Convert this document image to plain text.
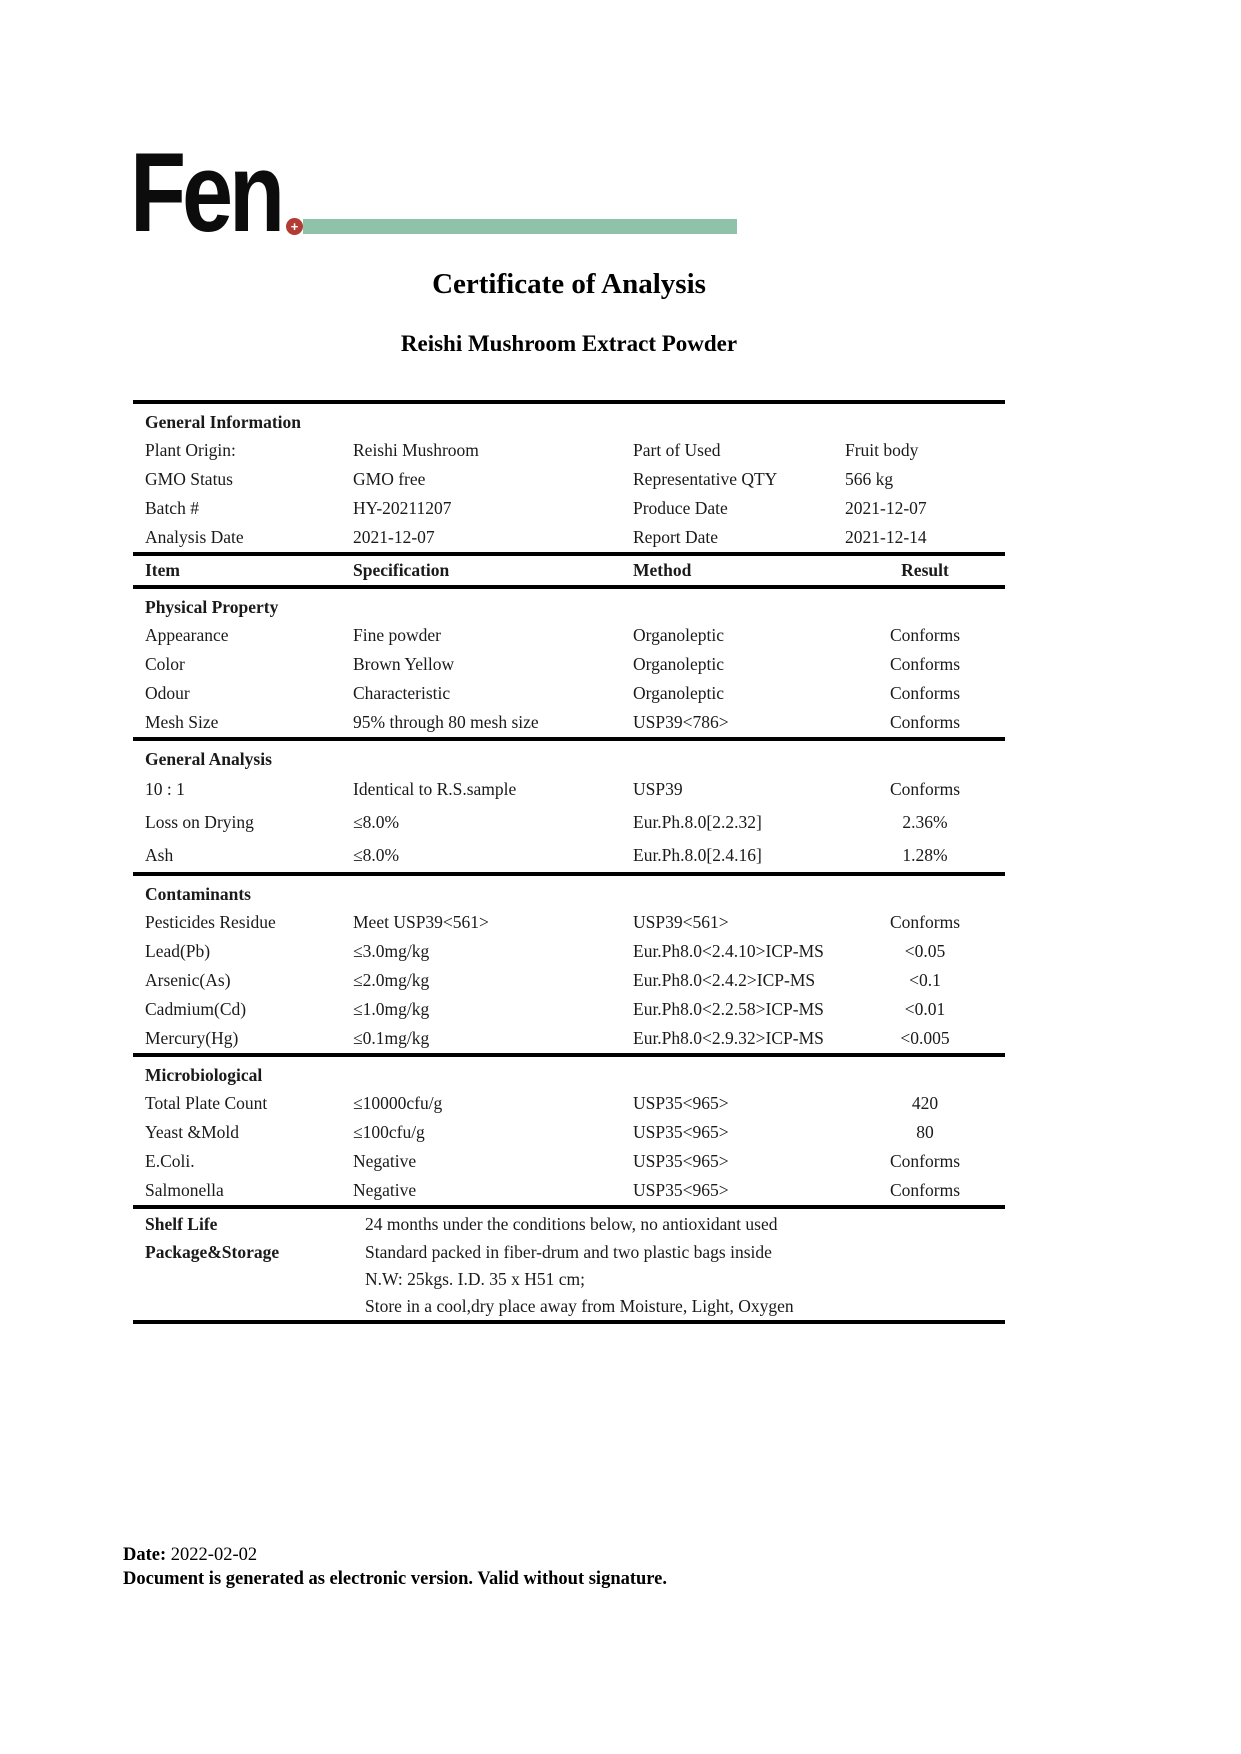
Fen +
Certificate of Analysis
Reishi Mushroom Extract Powder
General Information
Plant Origin:	Reishi Mushroom	Part of Used	Fruit body
GMO Status	GMO free	Representative QTY	566 kg
Batch #	HY-20211207	Produce Date	2021-12-07
Analysis Date	2021-12-07	Report Date	2021-12-14
Item	Specification	Method	Result
Physical Property
Appearance	Fine powder	Organoleptic	Conforms
Color	Brown Yellow	Organoleptic	Conforms
Odour	Characteristic	Organoleptic	Conforms
Mesh Size	95% through 80 mesh size	USP39<786>	Conforms
General Analysis
10 : 1	Identical to R.S.sample	USP39	Conforms
Loss on Drying	≤8.0%	Eur.Ph.8.0[2.2.32]	2.36%
Ash	≤8.0%	Eur.Ph.8.0[2.4.16]	1.28%
Contaminants
Pesticides Residue	Meet USP39<561>	USP39<561>	Conforms
Lead(Pb)	≤3.0mg/kg	Eur.Ph8.0<2.4.10>ICP-MS	<0.05
Arsenic(As)	≤2.0mg/kg	Eur.Ph8.0<2.4.2>ICP-MS	<0.1
Cadmium(Cd)	≤1.0mg/kg	Eur.Ph8.0<2.2.58>ICP-MS	<0.01
Mercury(Hg)	≤0.1mg/kg	Eur.Ph8.0<2.9.32>ICP-MS	<0.005
Microbiological
Total Plate Count	≤10000cfu/g	USP35<965>	420
Yeast &Mold	≤100cfu/g	USP35<965>	80
E.Coli.	Negative	USP35<965>	Conforms
Salmonella	Negative	USP35<965>	Conforms
Shelf Life	24 months under the conditions below, no antioxidant used
Package&Storage	Standard packed in fiber-drum and two plastic bags inside
N.W: 25kgs. I.D. 35 x H51 cm;
Store in a cool,dry place away from Moisture, Light, Oxygen
Date: 2022-02-02
Document is generated as electronic version. Valid without signature.
